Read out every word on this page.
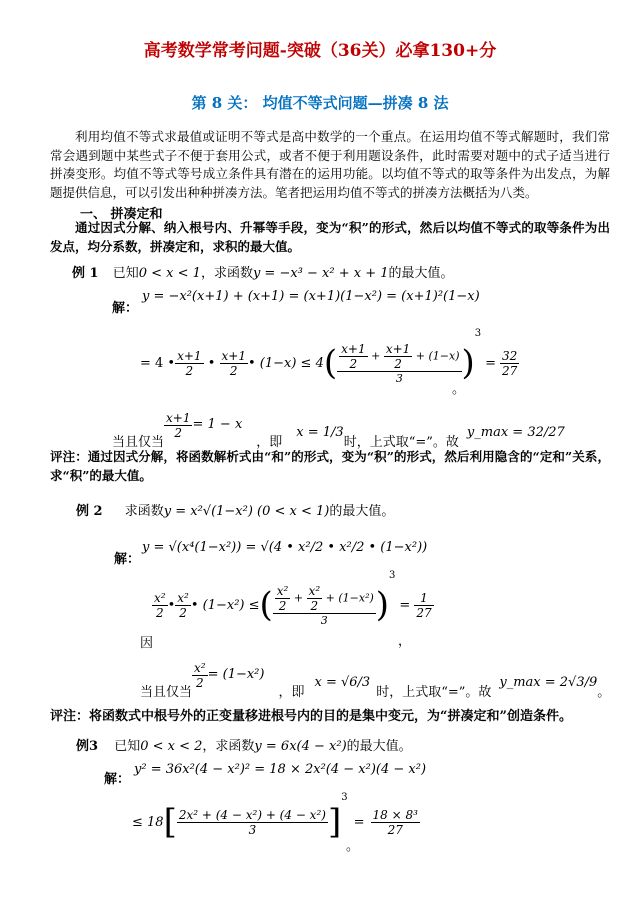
高考数学常考问题-突破（36关）必拿130+分
第 8 关： 均值不等式问题—拼凑 8 法
利用均值不等式求最值或证明不等式是高中数学的一个重点。在运用均值不等式解题时，我们常常会遇到题中某些式子不便于套用公式，或者不便于利用题设条件，此时需要对题中的式子适当进行拼凑变形。均值不等式等号成立条件具有潜在的运用功能。以均值不等式的取等条件为出发点，为解题提供信息，可以引发出种种拼凑方法。笔者把运用均值不等式的拼凑方法概括为八类。
一、 拼凑定和
通过因式分解、纳入根号内、升幂等手段，变为“积”的形式，然后以均值不等式的取等条件为出发点，均分系数，拼凑定和，求积的最大值。
例 1 已知0 < x < 1，求函数y = −x³ − x² + x + 1的最大值。
解：
y = −x²(x+1) + (x+1) = (x+1)(1−x²) = (x+1)²(1−x)
= 4 • $\frac{x+1}{2}$ • $\frac{x+1}{2}$ • (1−x) ≤ 4 ( $\frac{\frac{x+1}{2} + \frac{x+1}{2} + (1-x)}{3}$ )
3
= $\frac{32}{27}$
。
当且仅当
$\frac{x+1}{2} = 1 - x$
，即
x = 1/3
时，上式取“=”。故
y_max = 32/27
评注：通过因式分解，将函数解析式由“和”的形式，变为“积”的形式，然后利用隐含的“定和”关系，求“积”的最大值。
例 2 求函数y = x²√(1−x²) (0 < x < 1)的最大值。
解：
y = √(x⁴(1−x²)) = √(4 • x²/2 • x²/2 • (1−x²))
$\frac{\text{x²}}{2}$ • $\frac{\text{x²}}{2}$ • (1−x²) ≤ ( $\frac{\frac{\text{x²}}{2} + \frac{\text{x²}}{2} + (1-x^2)}{3}$ )
3
= $\frac{1}{27}$
因	，
当且仅当
$\frac{\text{x²}}{2} = (1-x^2)$
，即
x = √6/3
时，上式取“=”。故
y_max = 2√3/9
。
评注：将函数式中根号外的正变量移进根号内的目的是集中变元，为“拼凑定和”创造条件。
例3 已知0 < x < 2，求函数y = 6x(4 − x²)的最大值。
解：
y² = 36x²(4 − x²)² = 18 × 2x²(4 − x²)(4 − x²)
≤ 18 [ $\frac{\text{2x² + (4 − x²) + (4 − x²)}}{3}$ ]
$^3$
= $\frac{\text{18 × 8³}}{27}$
。
